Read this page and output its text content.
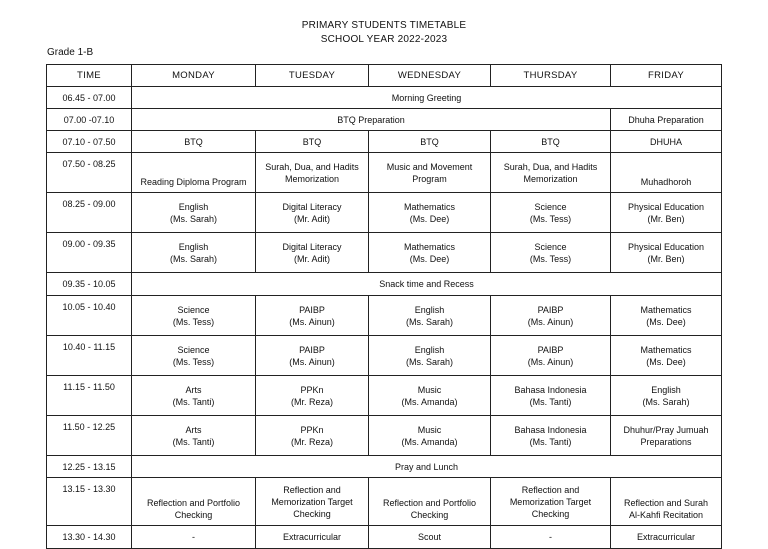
PRIMARY STUDENTS TIMETABLE
SCHOOL YEAR 2022-2023
Grade 1-B
TIME	MONDAY	TUESDAY	WEDNESDAY	THURSDAY	FRIDAY
06.45 - 07.00	Morning Greeting				
07.00 -07.10	BTQ Preparation				Dhuha Preparation
07.10 - 07.50	BTQ	BTQ	BTQ	BTQ	DHUHA
07.50 - 08.25	Reading Diploma Program	Surah, Dua, and Hadits
Memorization	Music and Movement
Program	Surah, Dua, and Hadits
Memorization	Muhadhoroh
08.25 - 09.00	English
(Ms. Sarah)	Digital Literacy
(Mr. Adit)	Mathematics
(Ms. Dee)	Science
(Ms. Tess)	Physical Education
(Mr. Ben)

09.00 - 09.35	English
(Ms. Sarah)	Digital Literacy
(Mr. Adit)	Mathematics
(Ms. Dee)	Science
(Ms. Tess)	Physical Education
(Mr. Ben)

09.35 - 10.05	Snack time and Recess				
10.05 - 10.40	Science
(Ms. Tess)	PAIBP
(Ms. Ainun)	English
(Ms. Sarah)	PAIBP
(Ms. Ainun)	Mathematics
(Ms. Dee)

10.40 - 11.15	Science
(Ms. Tess)	PAIBP
(Ms. Ainun)	English
(Ms. Sarah)	PAIBP
(Ms. Ainun)	Mathematics
(Ms. Dee)

11.15 - 11.50	Arts
(Ms. Tanti)	PPKn
(Mr. Reza)	Music
(Ms. Amanda)	Bahasa Indonesia
(Ms. Tanti)	English
(Ms. Sarah)

11.50 - 12.25	Arts
(Ms. Tanti)	PPKn
(Mr. Reza)	Music
(Ms. Amanda)	Bahasa Indonesia
(Ms. Tanti)	Dhuhur/Pray Jumuah
Preparations

12.25 - 13.15	Pray and Lunch				
13.15 - 13.30	Reflection and Portfolio
Checking	Reflection and
Memorization Target
Checking	Reflection and Portfolio
Checking	Reflection and
Memorization Target
Checking	Reflection and Surah
Al-Kahfi Recitation

13.30 - 14.30	-	Extracurricular	Scout	-	Extracurricular
